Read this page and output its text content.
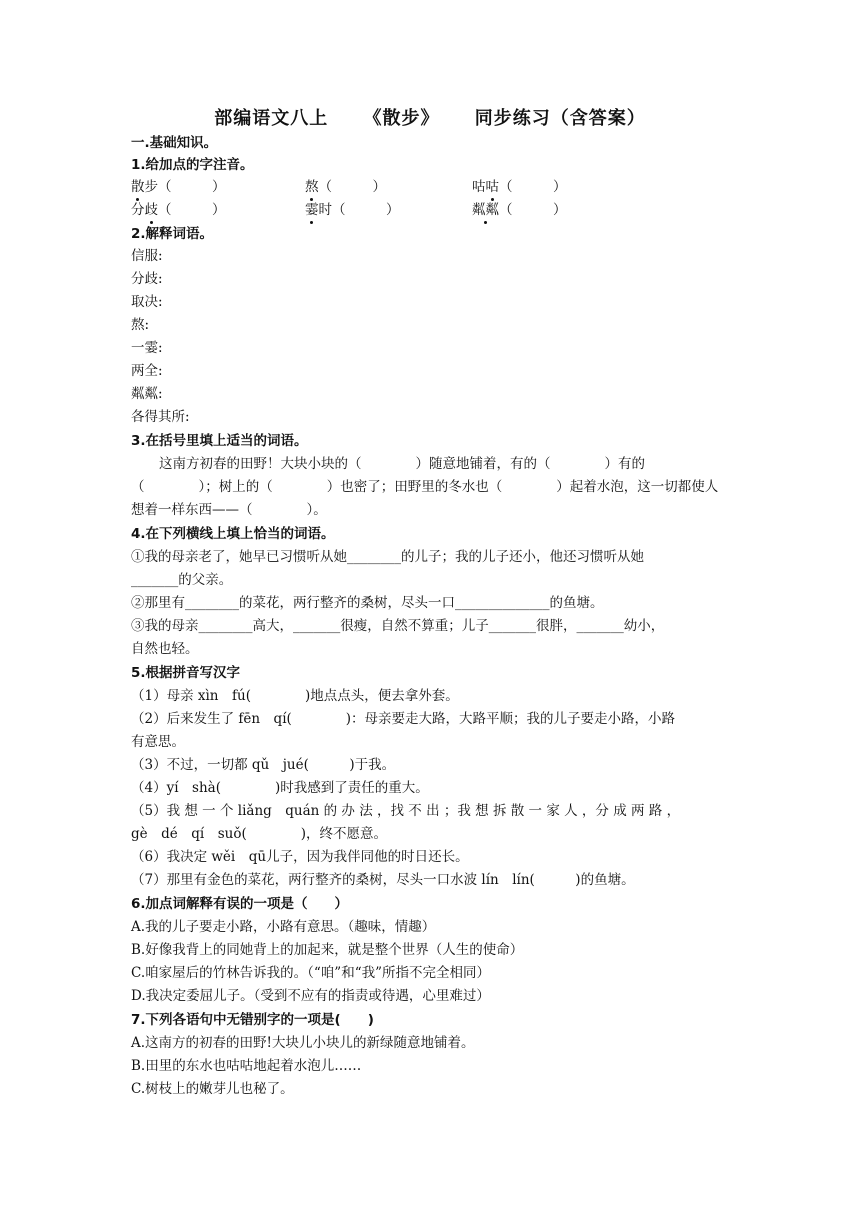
部编语文八上 《散步》 同步练习（含答案）
一.基础知识。
1.给加点的字注音。
散步（　　　）	熬（　　　）	咕咕（　　　）
分歧（　　　）	霎时（　　　）	粼粼（　　　）
2.解释词语。
信服:
分歧:
取决:
熬:
一霎:
两全:
粼粼:
各得其所:
3.在括号里填上适当的词语。
这南方初春的田野！大块小块的（　　　　）随意地铺着，有的（　　　　）有的（　　　　）；树上的（　　　　）也密了；田野里的冬水也（　　　　）起着水泡，这一切都使人想着一样东西——（　　　　）。
4.在下列横线上填上恰当的词语。
①我的母亲老了，她早已习惯听从她________的儿子；我的儿子还小，他还习惯听从她
_______的父亲。
②那里有________的菜花，两行整齐的桑树，尽头一口______________的鱼塘。
③我的母亲________高大，_______很瘦，自然不算重；儿子_______很胖，_______幼小，
自然也轻。
5.根据拼音写汉字
（1）母亲 xìn　fú(　　　　)地点点头，便去拿外套。
（2）后来发生了 fēn　qí(　　　　)：母亲要走大路，大路平顺；我的儿子要走小路，小路
有意思。
（3）不过，一切都 qǔ　jué(　　　)于我。
（4）yí　shà(　　　　)时我感到了责任的重大。
（5）我 想 一 个 liǎng　quán 的 办 法 ，找 不 出 ；我 想 拆 散 一 家 人 ，分 成 两 路 ，
gè　dé　qí　suǒ(　　　　)，终不愿意。
（6）我决定 wěi　qū儿子，因为我伴同他的时日还长。
（7）那里有金色的菜花，两行整齐的桑树，尽头一口水波 lín　lín(　　　)的鱼塘。
6.加点词解释有误的一项是（　　）
A.我的儿子要走小路，小路有意思。（趣味，情趣）
B.好像我背上的同她背上的加起来，就是整个世界（人生的使命）
C.咱家屋后的竹林告诉我的。（“咱”和“我”所指不完全相同）
D.我决定委屈儿子。（受到不应有的指责或待遇，心里难过）
7.下列各语句中无错别字的一项是(　　)
A.这南方的初春的田野!大块儿小块儿的新绿随意地铺着。
B.田里的东水也咕咕地起着水泡儿……
C.树枝上的嫩芽儿也秘了。
